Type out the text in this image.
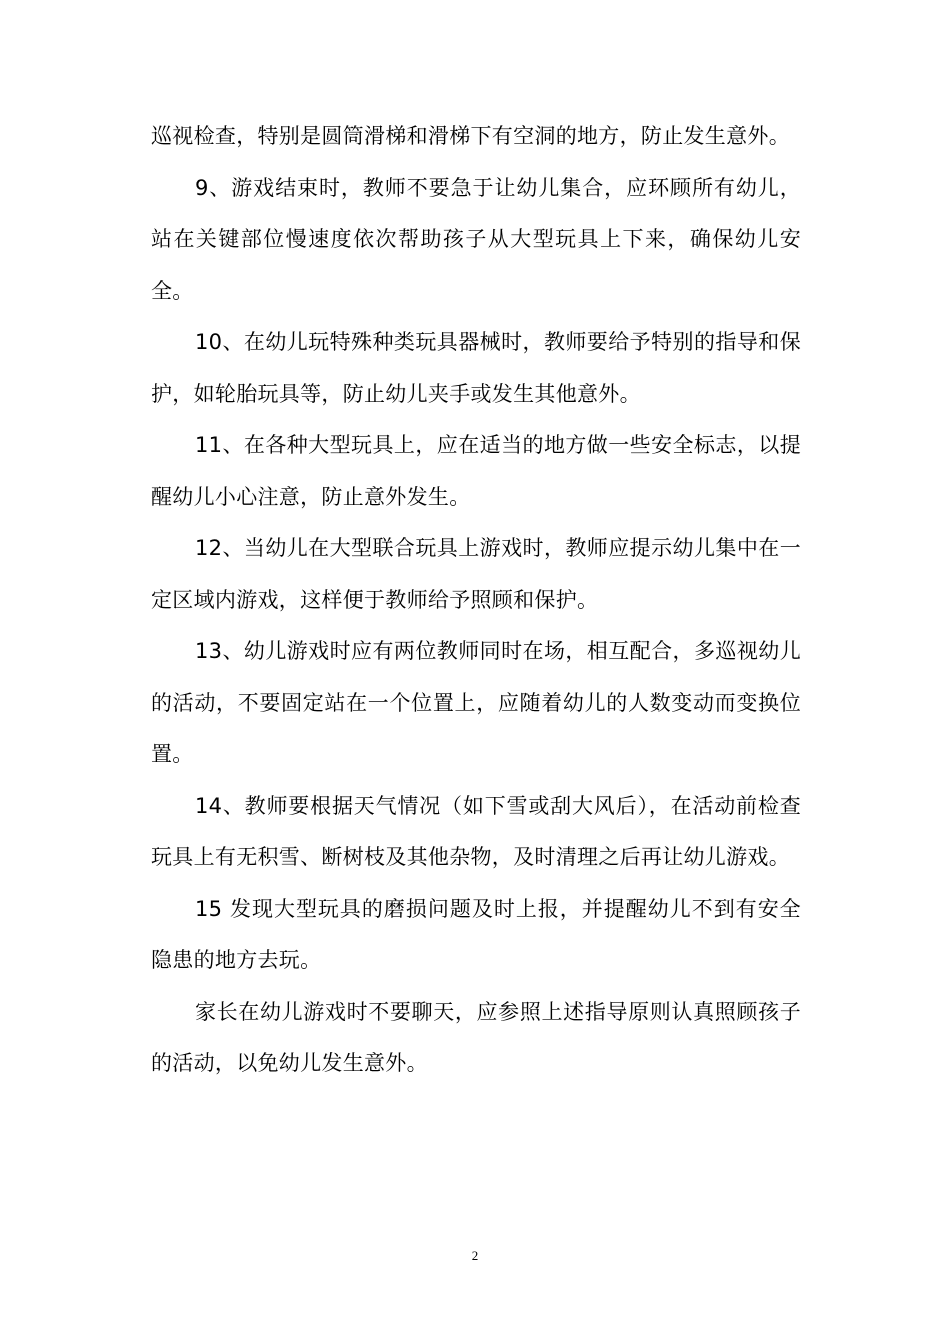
巡视检查，特别是圆筒滑梯和滑梯下有空洞的地方，防止发生意外。

9、游戏结束时，教师不要急于让幼儿集合，应环顾所有幼儿，站在关键部位慢速度依次帮助孩子从大型玩具上下来，确保幼儿安全。

10、在幼儿玩特殊种类玩具器械时，教师要给予特别的指导和保护，如轮胎玩具等，防止幼儿夹手或发生其他意外。

11、在各种大型玩具上，应在适当的地方做一些安全标志，以提醒幼儿小心注意，防止意外发生。

12、当幼儿在大型联合玩具上游戏时，教师应提示幼儿集中在一定区域内游戏，这样便于教师给予照顾和保护。

13、幼儿游戏时应有两位教师同时在场，相互配合，多巡视幼儿的活动，不要固定站在一个位置上，应随着幼儿的人数变动而变换位置。

14、教师要根据天气情况（如下雪或刮大风后），在活动前检查玩具上有无积雪、断树枝及其他杂物，及时清理之后再让幼儿游戏。

15 发现大型玩具的磨损问题及时上报，并提醒幼儿不到有安全隐患的地方去玩。

家长在幼儿游戏时不要聊天，应参照上述指导原则认真照顾孩子的活动，以免幼儿发生意外。

2
